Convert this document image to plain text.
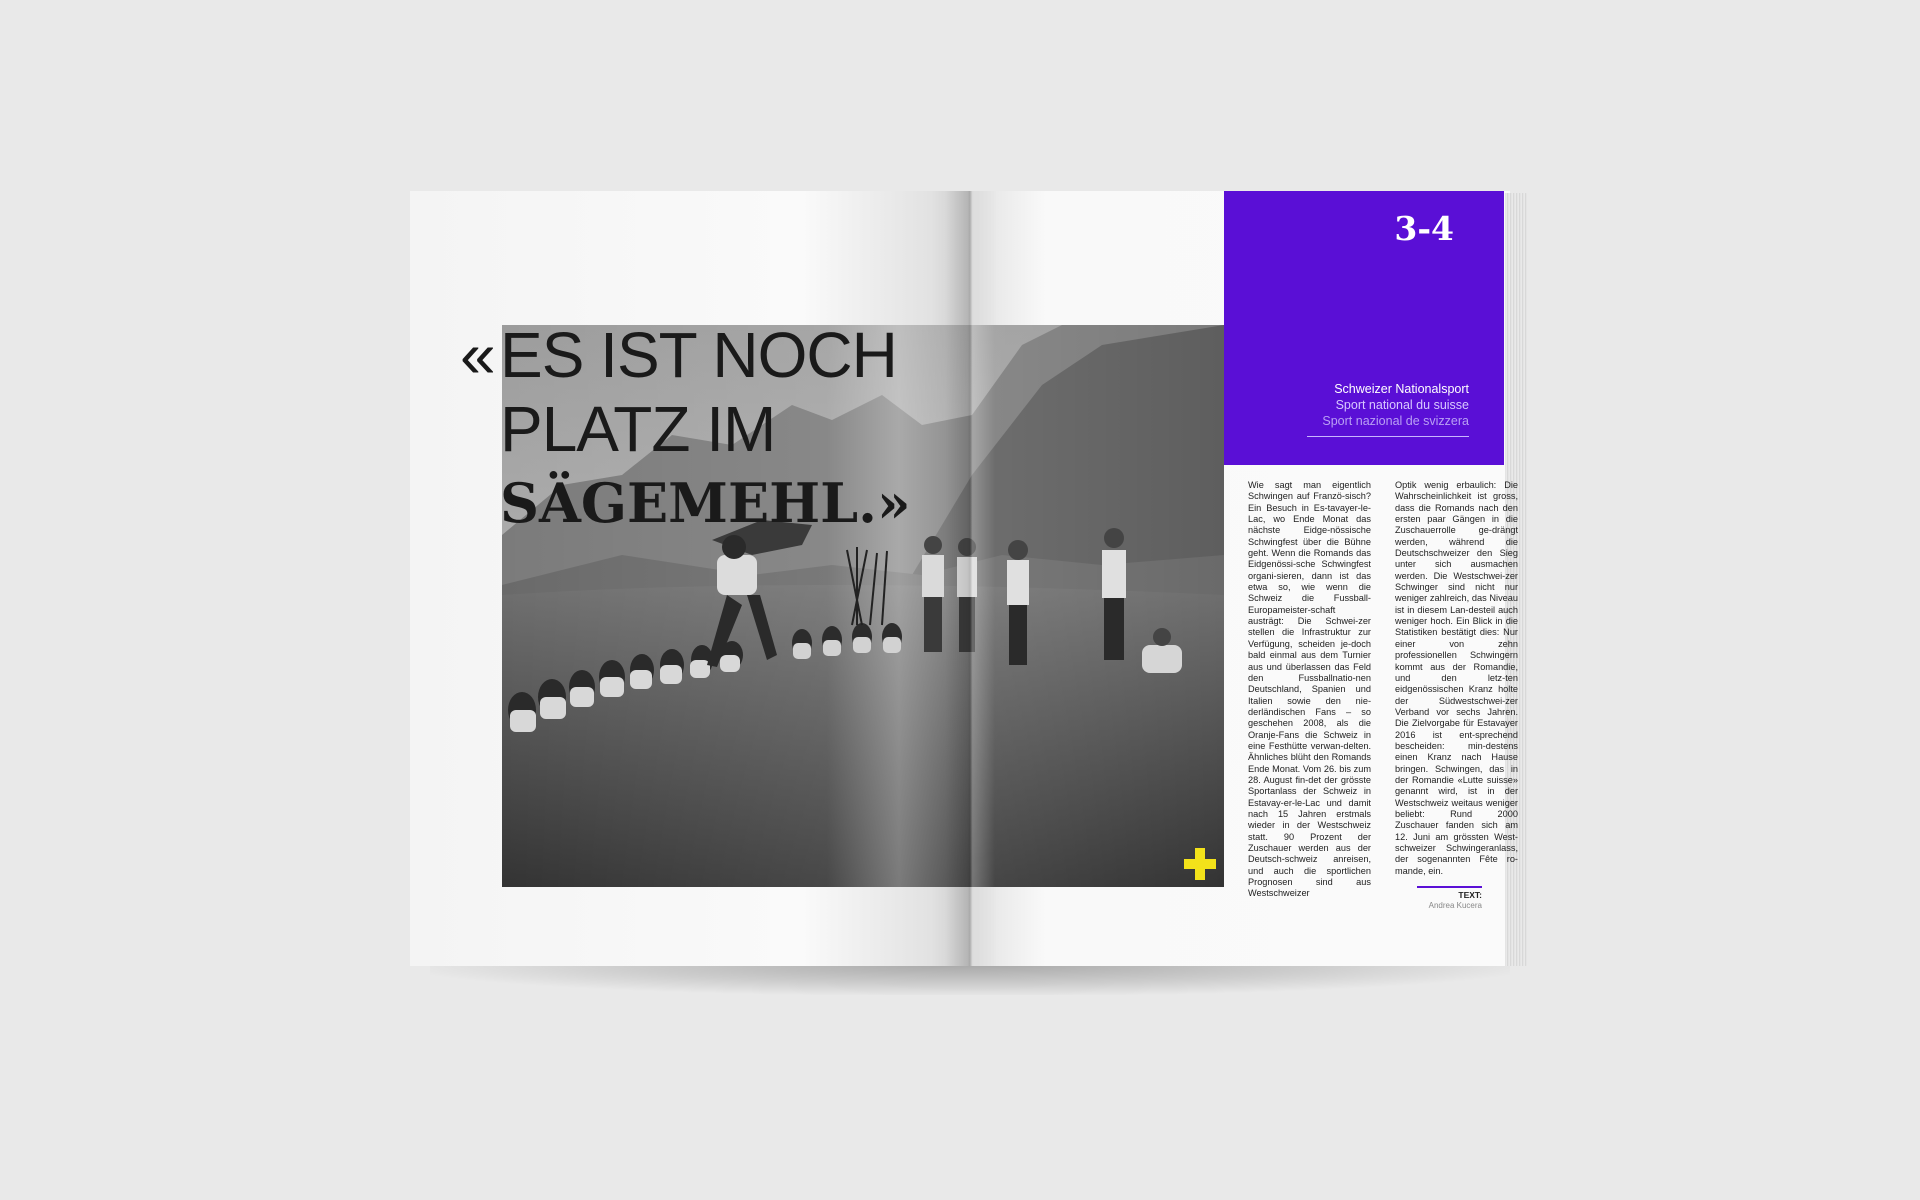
« ES IST NOCH
PLATZ IM
SÄGEMEHL.»
3-4
Schweizer Nationalsport
Sport national du suisse
Sport nazional de svizzera
Wie sagt man eigentlich Schwingen auf Franzö-sisch? Ein Besuch in Es-tavayer-le-Lac, wo Ende Monat das nächste Eidge-nössische Schwingfest über die Bühne geht. Wenn die Romands das Eidgenössi-sche Schwingfest organi-sieren, dann ist das etwa so, wie wenn die Schweiz die Fussball-Europameister-schaft austrägt: Die Schwei-zer stellen die Infrastruktur zur Verfügung, scheiden je-doch bald einmal aus dem Turnier aus und überlassen das Feld den Fussballnatio-nen Deutschland, Spanien und Italien sowie den nie-derländischen Fans – so geschehen 2008, als die Oranje-Fans die Schweiz in eine Festhütte verwan-delten. Ähnliches blüht den Romands Ende Monat. Vom 26. bis zum 28. August fin-det der grösste Sportanlass der Schweiz in Estavay-er-le-Lac und damit nach 15 Jahren erstmals wieder in der Westschweiz statt. 90 Prozent der Zuschauer werden aus der Deutsch-schweiz anreisen, und auch die sportlichen Prognosen sind aus Westschweizer
Optik wenig erbaulich: Die Wahrscheinlichkeit ist gross, dass die Romands nach den ersten paar Gängen in die Zuschauerrolle ge-drängt werden, während die Deutschschweizer den Sieg unter sich ausmachen werden. Die Westschwei-zer Schwinger sind nicht nur weniger zahlreich, das Niveau ist in diesem Lan-desteil auch weniger hoch. Ein Blick in die Statistiken bestätigt dies: Nur einer von zehn professionellen Schwingern kommt aus der Romandie, und den letz-ten eidgenössischen Kranz holte der Südwestschwei-zer Verband vor sechs Jahren. Die Zielvorgabe für Estavayer 2016 ist ent-sprechend bescheiden: min-destens einen Kranz nach Hause bringen. Schwingen, das in der Romandie «Lutte suisse» genannt wird, ist in der Westschweiz weitaus weniger beliebt: Rund 2000 Zuschauer fanden sich am 12. Juni am grössten West-schweizer Schwingeranlass, der sogenannten Fête ro-mande, ein.
TEXT:
Andrea Kucera
